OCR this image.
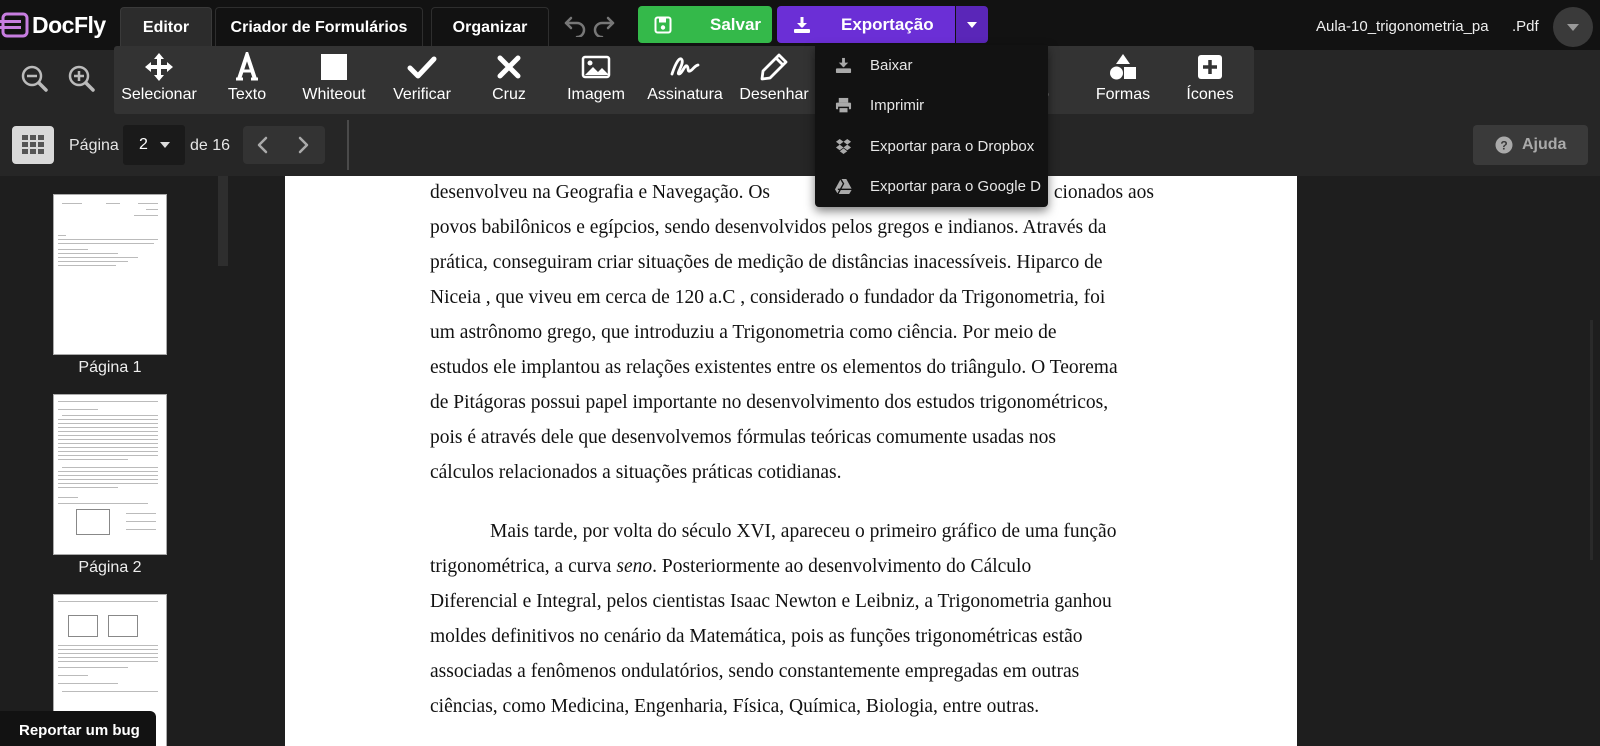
DocFly	Editor	Criador de Formulários	Organizar	Salvar	Exportação	Aula-10_trigonometria_pa	.Pdf
Selecionar Texto Whiteout Verificar	Cruz	Imagem Assinatura Desenhar	Formas Ícones
Página 2	de 16	? Ajuda
Página 1
Página 2
Reportar um bug
desenvolveu na Geografia e Navegação. Os	cionados aos
povos babilônicos e egípcios, sendo desenvolvidos pelos gregos e indianos. Através da
prática, conseguiram criar situações de medição de distâncias inacessíveis. Hiparco de
Niceia , que viveu em cerca de 120 a.C , considerado o fundador da Trigonometria, foi
um astrônomo grego, que introduziu a Trigonometria como ciência. Por meio de
estudos ele implantou as relações existentes entre os elementos do triângulo. O Teorema
de Pitágoras possui papel importante no desenvolvimento dos estudos trigonométricos,
pois é através dele que desenvolvemos fórmulas teóricas comumente usadas nos
cálculos relacionados a situações práticas cotidianas.
Mais tarde, por volta do século XVI, apareceu o primeiro gráfico de uma função
trigonométrica, a curva seno . Posteriormente ao desenvolvimento do Cálculo
Diferencial e Integral, pelos cientistas Isaac Newton e Leibniz, a Trigonometria ganhou
moldes definitivos no cenário da Matemática, pois as funções trigonométricas estão
associadas a fenômenos ondulatórios, sendo constantemente empregadas em outras
ciências, como Medicina, Engenharia, Física, Química, Biologia, entre outras.
Baixar
Imprimir
Exportar para o Dropbox
Exportar para o Google D
